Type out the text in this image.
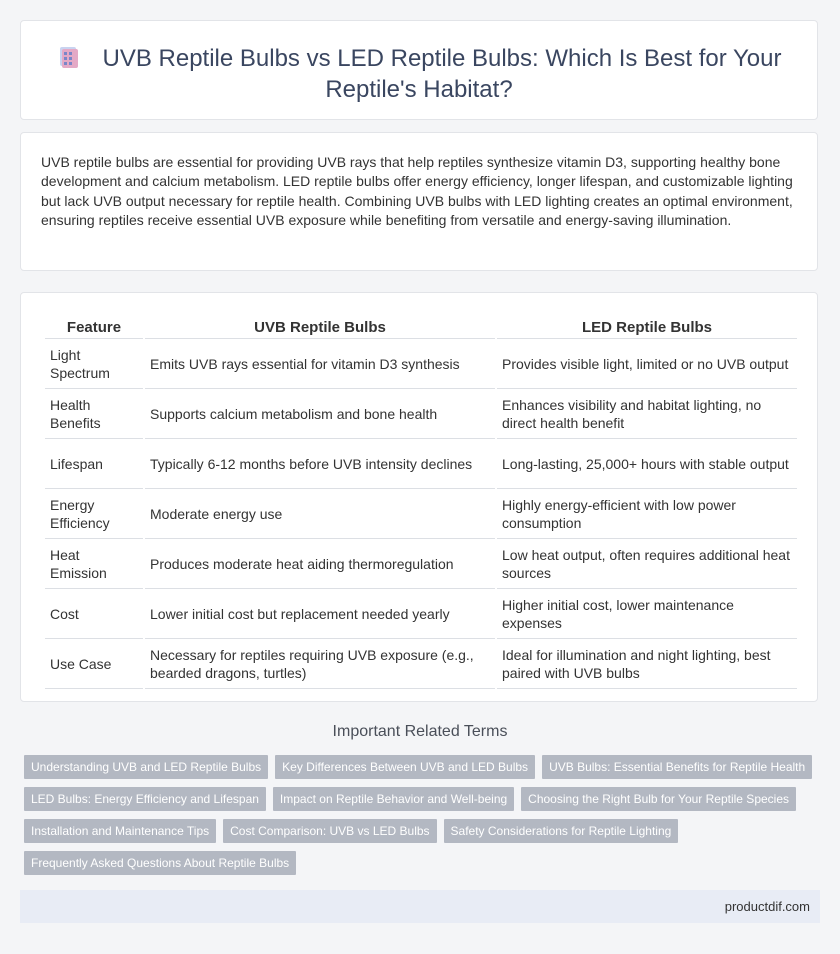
UVB Reptile Bulbs vs LED Reptile Bulbs: Which Is Best for Your
Reptile's Habitat?
UVB reptile bulbs are essential for providing UVB rays that help reptiles synthesize vitamin D3, supporting healthy bone development and calcium metabolism. LED reptile bulbs offer energy efficiency, longer lifespan, and customizable lighting but lack UVB output necessary for reptile health. Combining UVB bulbs with LED lighting creates an optimal environment, ensuring reptiles receive essential UVB exposure while benefiting from versatile and energy-saving illumination.
Feature	UVB Reptile Bulbs	LED Reptile Bulbs
Light Spectrum	Emits UVB rays essential for vitamin D3 synthesis	Provides visible light, limited or no UVB output
Health Benefits	Supports calcium metabolism and bone health	Enhances visibility and habitat lighting, no direct health benefit
Lifespan	Typically 6-12 months before UVB intensity declines	Long-lasting, 25,000+ hours with stable output
Energy Efficiency	Moderate energy use	Highly energy-efficient with low power consumption
Heat Emission	Produces moderate heat aiding thermoregulation	Low heat output, often requires additional heat sources
Cost	Lower initial cost but replacement needed yearly	Higher initial cost, lower maintenance expenses
Use Case	Necessary for reptiles requiring UVB exposure (e.g., bearded dragons, turtles)	Ideal for illumination and night lighting, best paired with UVB bulbs
Important Related Terms
Understanding UVB and LED Reptile Bulbs	Key Differences Between UVB and LED Bulbs	UVB Bulbs: Essential Benefits for Reptile Health
LED Bulbs: Energy Efficiency and Lifespan	Impact on Reptile Behavior and Well-being	Choosing the Right Bulb for Your Reptile Species
Installation and Maintenance Tips	Cost Comparison: UVB vs LED Bulbs	Safety Considerations for Reptile Lighting
Frequently Asked Questions About Reptile Bulbs
productdif.com
